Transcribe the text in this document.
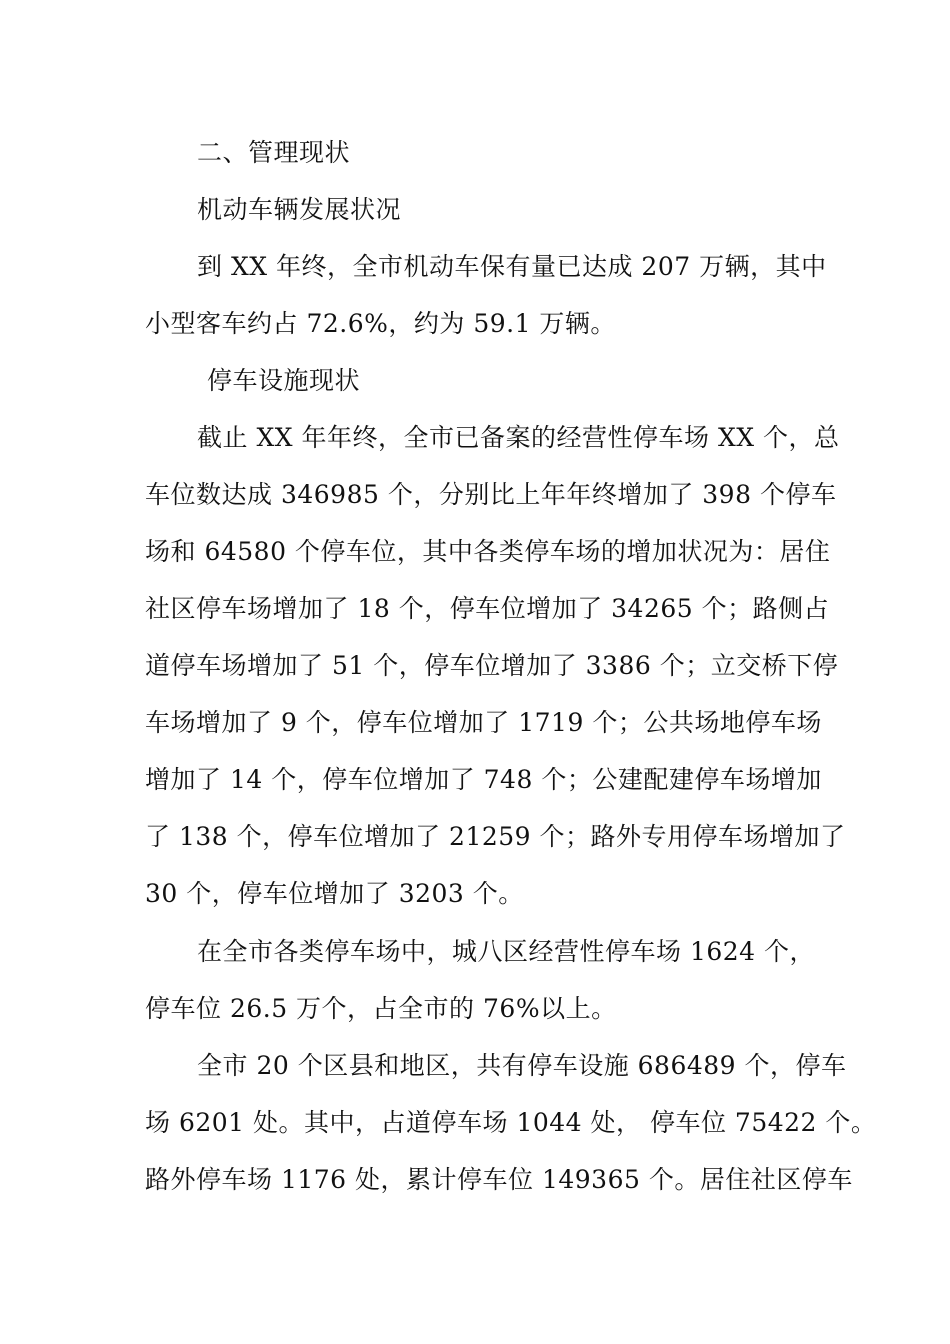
二、管理现状
机动车辆发展状况
到 XX 年终，全市机动车保有量已达成 207 万辆，其中
小型客车约占 72.6%，约为 59.1 万辆。
停车设施现状
截止 XX 年年终，全市已备案的经营性停车场 XX 个，总
车位数达成 346985 个，分别比上年年终增加了 398 个停车
场和 64580 个停车位，其中各类停车场的增加状况为：居住
社区停车场增加了 18 个，停车位增加了 34265 个；路侧占
道停车场增加了 51 个，停车位增加了 3386 个；立交桥下停
车场增加了 9 个，停车位增加了 1719 个；公共场地停车场
增加了 14 个，停车位增加了 748 个；公建配建停车场增加
了 138 个，停车位增加了 21259 个；路外专用停车场增加了
30 个，停车位增加了 3203 个。
在全市各类停车场中，城八区经营性停车场 1624 个，
停车位 26.5 万个，占全市的 76%以上。
全市 20 个区县和地区，共有停车设施 686489 个，停车
场 6201 处。其中，占道停车场 1044 处， 停车位 75422 个。
路外停车场 1176 处，累计停车位 149365 个。居住社区停车
